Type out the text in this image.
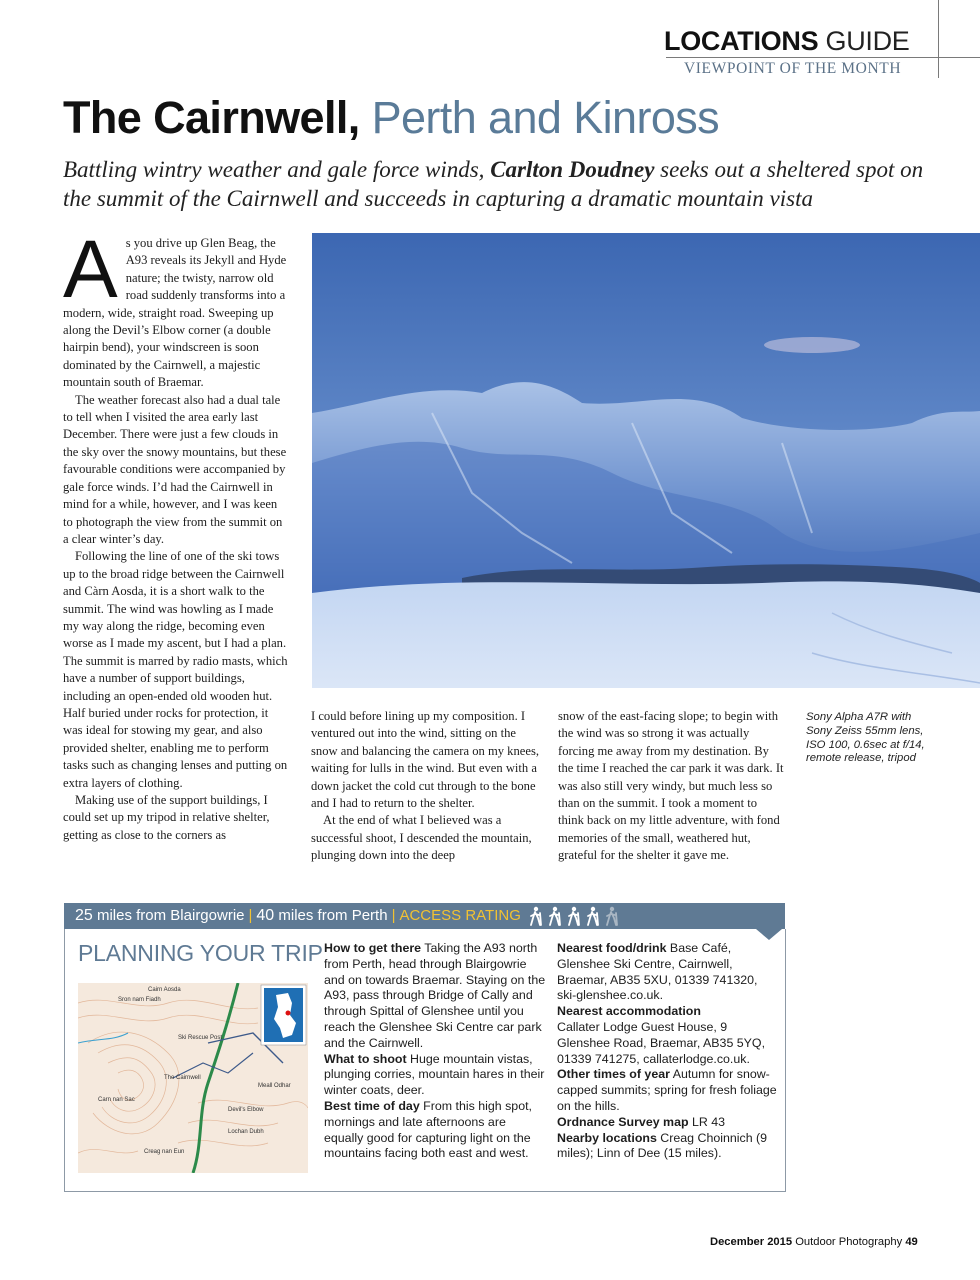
LOCATIONS GUIDE
VIEWPOINT OF THE MONTH
The Cairnwell, Perth and Kinross
Battling wintry weather and gale force winds, Carlton Doudney seeks out a sheltered spot on the summit of the Cairnwell and succeeds in capturing a dramatic mountain vista

As you drive up Glen Beag, the A93 reveals its Jekyll and Hyde nature; the twisty, narrow old road suddenly transforms into a modern, wide, straight road. Sweeping up along the Devil’s Elbow corner (a double hairpin bend), your windscreen is soon dominated by the Cairnwell, a majestic mountain south of Braemar.

The weather forecast also had a dual tale to tell when I visited the area early last December. There were just a few clouds in the sky over the snowy mountains, but these favourable conditions were accompanied by gale force winds. I’d had the Cairnwell in mind for a while, however, and I was keen to photograph the view from the summit on a clear winter’s day.

Following the line of one of the ski tows up to the broad ridge between the Cairnwell and Càrn Aosda, it is a short walk to the summit. The wind was howling as I made my way along the ridge, becoming even worse as I made my ascent, but I had a plan. The summit is marred by radio masts, which have a number of support buildings, including an open-ended old wooden hut. Half buried under rocks for protection, it was ideal for stowing my gear, and also provided shelter, enabling me to perform tasks such as changing lenses and putting on extra layers of clothing.

Making use of the support buildings, I could set up my tripod in relative shelter, getting as close to the corners as

I could before lining up my composition. I ventured out into the wind, sitting on the snow and balancing the camera on my knees, waiting for lulls in the wind. But even with a down jacket the cold cut through to the bone and I had to return to the shelter.

At the end of what I believed was a successful shoot, I descended the mountain, plunging down into the deep

snow of the east-facing slope; to begin with the wind was so strong it was actually forcing me away from my destination. By the time I reached the car park it was dark. It was also still very windy, but much less so than on the summit. I took a moment to think back on my little adventure, with fond memories of the small, weathered hut, grateful for the shelter it gave me.

Sony Alpha A7R with Sony Zeiss 55mm lens, ISO 100, 0.6sec at f/14, remote release, tripod
25 miles from Blairgowrie | 40 miles from Perth | ACCESS RATING
PLANNING YOUR TRIP
Sron nam Fiadh
Cairn Aosda
The Cairnwell
Ski Rescue Post
Devil's Elbow
Meall Odhar
Carn nan Sac
Lochan Dubh
Creag nan Eun
How to get there Taking the A93 north from Perth, head through Blairgowrie and on towards Braemar. Staying on the A93, pass through Bridge of Cally and through Spittal of Glenshee until you reach the Glenshee Ski Centre car park and the Cairnwell.
What to shoot Huge mountain vistas, plunging corries, mountain hares in their winter coats, deer.
Best time of day From this high spot, mornings and late afternoons are equally good for capturing light on the mountains facing both east and west.
Nearest food/drink Base Café, Glenshee Ski Centre, Cairnwell, Braemar, AB35 5XU, 01339 741320, ski-glenshee.co.uk.
Nearest accommodation
Callater Lodge Guest House, 9 Glenshee Road, Braemar, AB35 5YQ, 01339 741275, callaterlodge.co.uk.
Other times of year Autumn for snow-capped summits; spring for fresh foliage on the hills.
Ordnance Survey map LR 43
Nearby locations Creag Choinnich (9 miles); Linn of Dee (15 miles).
December 2015 Outdoor Photography 49
